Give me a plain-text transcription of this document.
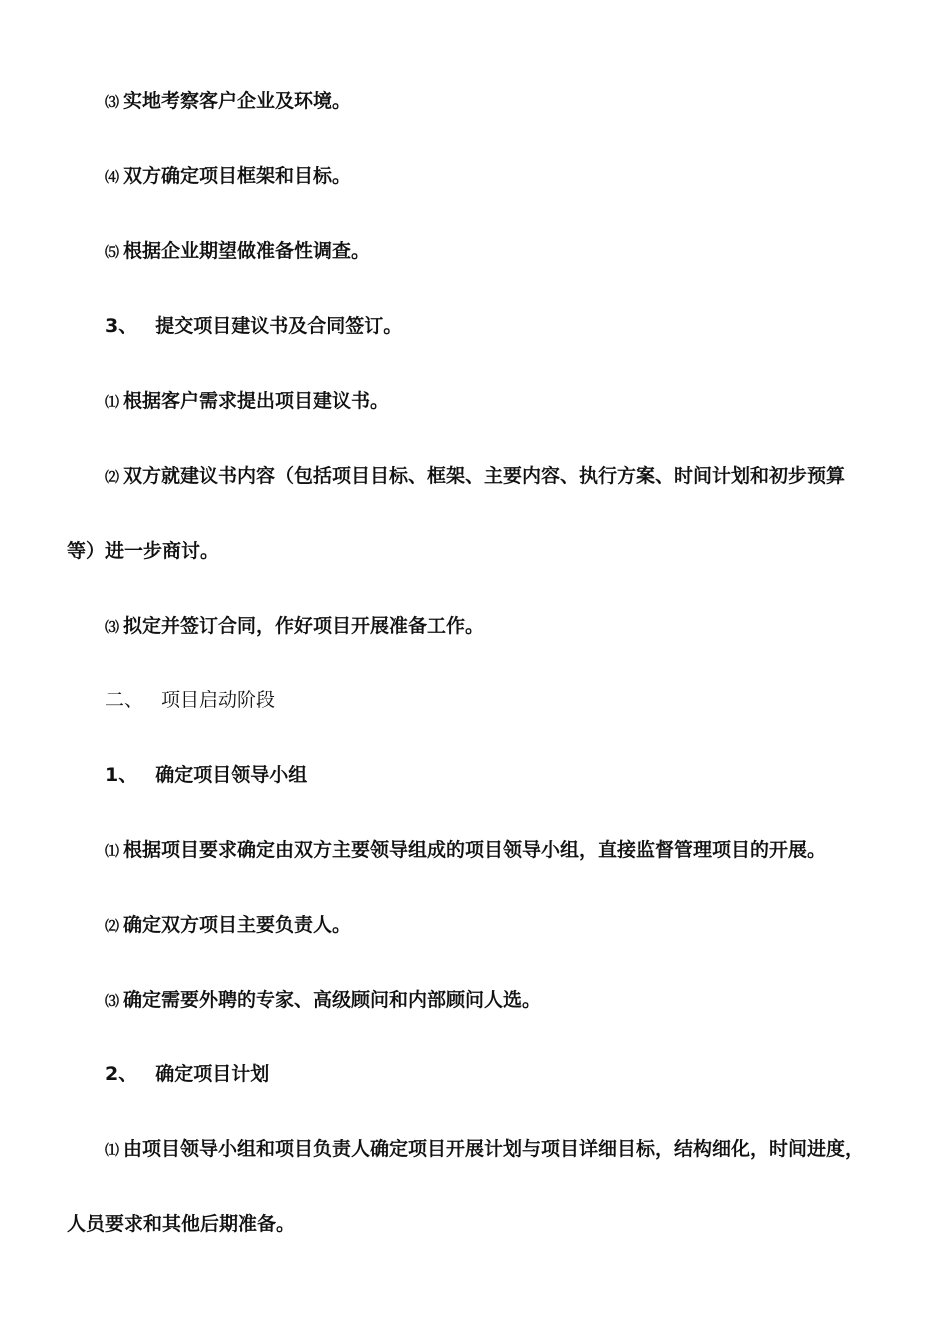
⑶ 实地考察客户企业及环境。
⑷ 双方确定项目框架和目标。
⑸ 根据企业期望做准备性调查。
3、 提交项目建议书及合同签订。
⑴ 根据客户需求提出项目建议书。
⑵ 双方就建议书内容（包括项目目标、框架、主要内容、执行方案、时间计划和初步预算
等）进一步商讨。
⑶ 拟定并签订合同，作好项目开展准备工作。
二、 项目启动阶段
1、 确定项目领导小组
⑴ 根据项目要求确定由双方主要领导组成的项目领导小组，直接监督管理项目的开展。
⑵ 确定双方项目主要负责人。
⑶ 确定需要外聘的专家、高级顾问和内部顾问人选。
2、 确定项目计划
⑴ 由项目领导小组和项目负责人确定项目开展计划与项目详细目标，结构细化，时间进度，
人员要求和其他后期准备。
